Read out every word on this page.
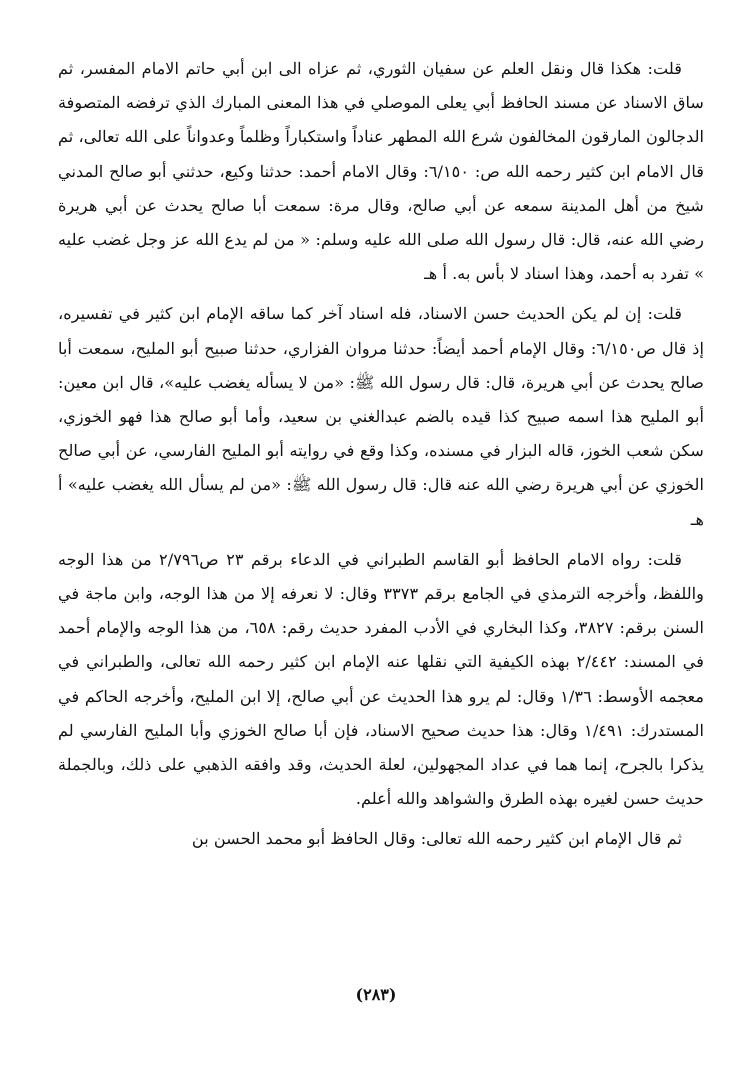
قلت: هكذا قال ونقل العلم عن سفيان الثوري، ثم عزاه الى ابن أبي حاتم الامام المفسر، ثم ساق الاسناد عن مسند الحافظ أبي يعلى الموصلي في هذا المعنى المبارك الذي ترفضه المتصوفة الدجالون المارقون المخالفون شرع الله المطهر عناداً واستكباراً وظلماً وعدواناً على الله تعالى، ثم قال الامام ابن كثير رحمه الله ص: ٦/١٥٠: وقال الامام أحمد: حدثنا وكيع، حدثني أبو صالح المدني شيخ من أهل المدينة سمعه عن أبي صالح، وقال مرة: سمعت أبا صالح يحدث عن أبي هريرة رضي الله عنه، قال: قال رسول الله صلى الله عليه وسلم: « من لم يدع الله عز وجل غضب عليه » تفرد به أحمد، وهذا اسناد لا بأس به. أ هـ

قلت: إن لم يكن الحديث حسن الاسناد، فله اسناد آخر كما ساقه الإمام ابن كثير في تفسيره، إذ قال ص٦/١٥٠: وقال الإمام أحمد أيضاً: حدثنا مروان الفزاري، حدثنا صبيح أبو المليح، سمعت أبا صالح يحدث عن أبي هريرة، قال: قال رسول الله ﷺ: «من لا يسأله يغضب عليه»، قال ابن معين: أبو المليح هذا اسمه صبيح كذا قيده بالضم عبدالغني بن سعيد، وأما أبو صالح هذا فهو الخوزي، سكن شعب الخوز، قاله البزار في مسنده، وكذا وقع في روايته أبو المليح الفارسي، عن أبي صالح الخوزي عن أبي هريرة رضي الله عنه قال: قال رسول الله ﷺ: «من لم يسأل الله يغضب عليه» أ هـ

قلت: رواه الامام الحافظ أبو القاسم الطبراني في الدعاء برقم ٢٣ ص٢/٧٩٦ من هذا الوجه واللفظ، وأخرجه الترمذي في الجامع برقم ٣٣٧٣ وقال: لا نعرفه إلا من هذا الوجه، وابن ماجة في السنن برقم: ٣٨٢٧، وكذا البخاري في الأدب المفرد حديث رقم: ٦٥٨، من هذا الوجه والإمام أحمد في المسند: ٢/٤٤٢ بهذه الكيفية التي نقلها عنه الإمام ابن كثير رحمه الله تعالى، والطبراني في معجمه الأوسط: ١/٣٦ وقال: لم يرو هذا الحديث عن أبي صالح، إلا ابن المليح، وأخرجه الحاكم في المستدرك: ١/٤٩١ وقال: هذا حديث صحيح الاسناد، فإن أبا صالح الخوزي وأبا المليح الفارسي لم يذكرا بالجرح، إنما هما في عداد المجهولين، لعلة الحديث، وقد وافقه الذهبي على ذلك، وبالجملة حديث حسن لغيره بهذه الطرق والشواهد والله أعلم.

ثم قال الإمام ابن كثير رحمه الله تعالى: وقال الحافظ أبو محمد الحسن بن

(٢٨٣)
